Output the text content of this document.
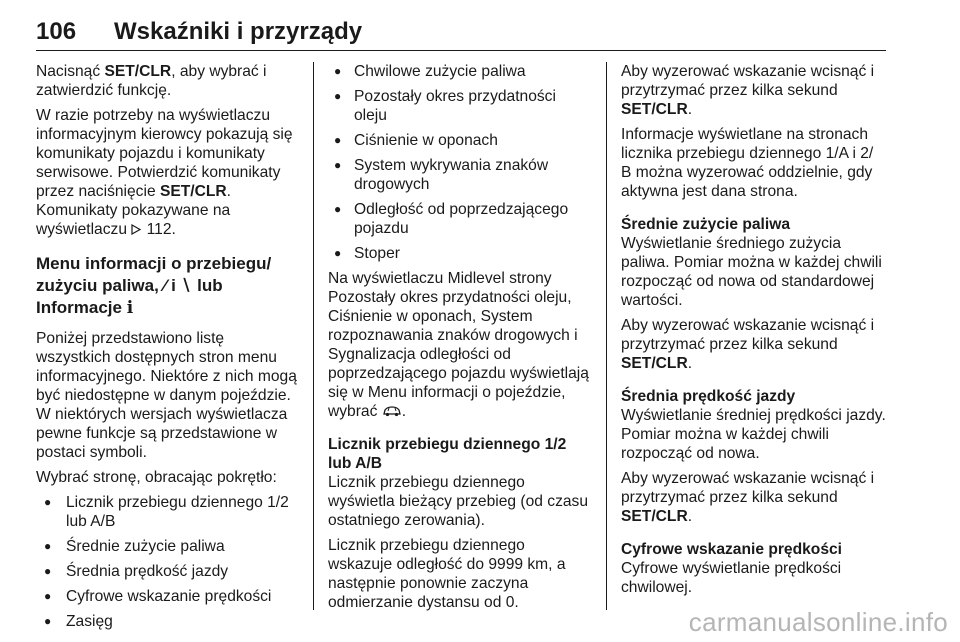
106 Wskaźniki i przyrządy

Nacisnąć SET/CLR, aby wybrać i zatwierdzić funkcję.

W razie potrzeby na wyświetlaczu informacyjnym kierowcy pokazują się komunikaty pojazdu i komunikaty serwisowe. Potwierdzić komunikaty przez naciśnięcie SET/CLR.
Komunikaty pokazywane na wyświetlaczu  112.

Menu informacji o przebiegu/ zużyciu paliwa, ⁄ i ∖ lub Informacje i

Poniżej przedstawiono listę wszystkich dostępnych stron menu informacyjnego. Niektóre z nich mogą być niedostępne w danym pojeździe. W niektórych wersjach wyświetlacza pewne funkcje są przedstawione w postaci symboli.

Wybrać stronę, obracając pokrętło:

● Licznik przebiegu dziennego 1/2 lub A/B
● Średnie zużycie paliwa
● Średnia prędkość jazdy
● Cyfrowe wskazanie prędkości
● Zasięg
● Chwilowe zużycie paliwa
● Pozostały okres przydatności oleju
● Ciśnienie w oponach
● System wykrywania znaków drogowych
● Odległość od poprzedzającego pojazdu
● Stoper

Na wyświetlaczu Midlevel strony Pozostały okres przydatności oleju, Ciśnienie w oponach, System rozpoznawania znaków drogowych i Sygnalizacja odległości od poprzedzającego pojazdu wyświetlają się w Menu informacji o pojeździe, wybrać .

Licznik przebiegu dziennego 1/2 lub A/B

Licznik przebiegu dziennego wyświetla bieżący przebieg (od czasu ostatniego zerowania).

Licznik przebiegu dziennego wskazuje odległość do 9999 km, a następnie ponownie zaczyna odmierzanie dystansu od 0.

Aby wyzerować wskazanie wcisnąć i przytrzymać przez kilka sekund SET/CLR.

Informacje wyświetlane na stronach licznika przebiegu dziennego 1/A i 2/ B można wyzerować oddzielnie, gdy aktywna jest dana strona.

Średnie zużycie paliwa

Wyświetlanie średniego zużycia paliwa. Pomiar można w każdej chwili rozpocząć od nowa od standardowej wartości.

Aby wyzerować wskazanie wcisnąć i przytrzymać przez kilka sekund SET/CLR.

Średnia prędkość jazdy

Wyświetlanie średniej prędkości jazdy. Pomiar można w każdej chwili rozpocząć od nowa.

Aby wyzerować wskazanie wcisnąć i przytrzymać przez kilka sekund SET/CLR.

Cyfrowe wskazanie prędkości

Cyfrowe wyświetlanie prędkości chwilowej.

carmanualsonline.info
